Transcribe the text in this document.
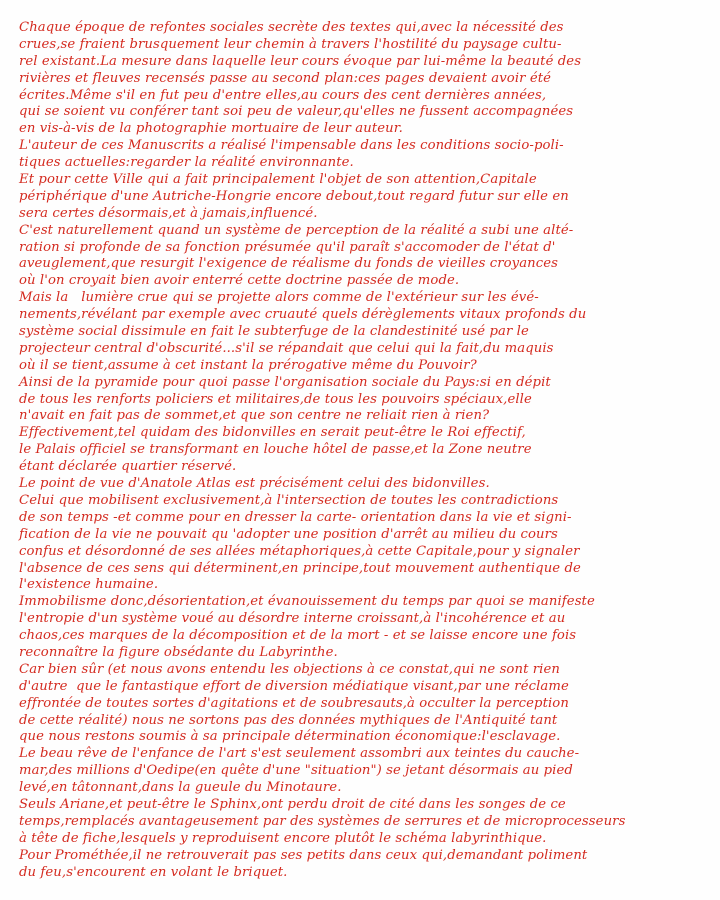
Chaque époque de refontes sociales secrète des textes qui,avec la nécessité des
crues,se fraient brusquement leur chemin à travers l'hostilité du paysage cultu-
rel existant.La mesure dans laquelle leur cours évoque par lui-même la beauté des
rivières et fleuves recensés passe au second plan:ces pages devaient avoir été
écrites.Même s'il en fut peu d'entre elles,au cours des cent dernières années,
qui se soient vu conférer tant soi peu de valeur,qu'elles ne fussent accompagnées
en vis-à-vis de la photographie mortuaire de leur auteur.
L'auteur de ces Manuscrits a réalisé l'impensable dans les conditions socio-poli-
tiques actuelles:regarder la réalité environnante.
Et pour cette Ville qui a fait principalement l'objet de son attention,Capitale
périphérique d'une Autriche-Hongrie encore debout,tout regard futur sur elle en
sera certes désormais,et à jamais,influencé.
C'est naturellement quand un système de perception de la réalité a subi une alté-
ration si profonde de sa fonction présumée qu'il paraît s'accomoder de l'état d'
aveuglement,que resurgit l'exigence de réalisme du fonds de vieilles croyances
où l'on croyait bien avoir enterré cette doctrine passée de mode.
Mais la   lumière crue qui se projette alors comme de l'extérieur sur les évé-
nements,révélant par exemple avec cruauté quels dérèglements vitaux profonds du
système social dissimule en fait le subterfuge de la clandestinité usé par le
projecteur central d'obscurité...s'il se répandait que celui qui la fait,du maquis
où il se tient,assume à cet instant la prérogative même du Pouvoir?
Ainsi de la pyramide pour quoi passe l'organisation sociale du Pays:si en dépit
de tous les renforts policiers et militaires,de tous les pouvoirs spéciaux,elle
n'avait en fait pas de sommet,et que son centre ne reliait rien à rien?
Effectivement,tel quidam des bidonvilles en serait peut-être le Roi effectif,
le Palais officiel se transformant en louche hôtel de passe,et la Zone neutre
étant déclarée quartier réservé.
Le point de vue d'Anatole Atlas est précisément celui des bidonvilles.
Celui que mobilisent exclusivement,à l'intersection de toutes les contradictions
de son temps -et comme pour en dresser la carte- orientation dans la vie et signi-
fication de la vie ne pouvait qu 'adopter une position d'arrêt au milieu du cours
confus et désordonné de ses allées métaphoriques,à cette Capitale,pour y signaler
l'absence de ces sens qui déterminent,en principe,tout mouvement authentique de
l'existence humaine.
Immobilisme donc,désorientation,et évanouissement du temps par quoi se manifeste
l'entropie d'un système voué au désordre interne croissant,à l'incohérence et au
chaos,ces marques de la décomposition et de la mort - et se laisse encore une fois
reconnaître la figure obsédante du Labyrinthe.
Car bien sûr (et nous avons entendu les objections à ce constat,qui ne sont rien
d'autre  que le fantastique effort de diversion médiatique visant,par une réclame
effrontée de toutes sortes d'agitations et de soubresauts,à occulter la perception
de cette réalité) nous ne sortons pas des données mythiques de l'Antiquité tant
que nous restons soumis à sa principale détermination économique:l'esclavage.
Le beau rêve de l'enfance de l'art s'est seulement assombri aux teintes du cauche-
mar,des millions d'Oedipe(en quête d'une "situation") se jetant désormais au pied
levé,en tâtonnant,dans la gueule du Minotaure.
Seuls Ariane,et peut-être le Sphinx,ont perdu droit de cité dans les songes de ce
temps,remplacés avantageusement par des systèmes de serrures et de microprocesseurs
à tête de fiche,lesquels y reproduisent encore plutôt le schéma labyrinthique.
Pour Prométhée,il ne retrouverait pas ses petits dans ceux qui,demandant poliment
du feu,s'encourent en volant le briquet.
